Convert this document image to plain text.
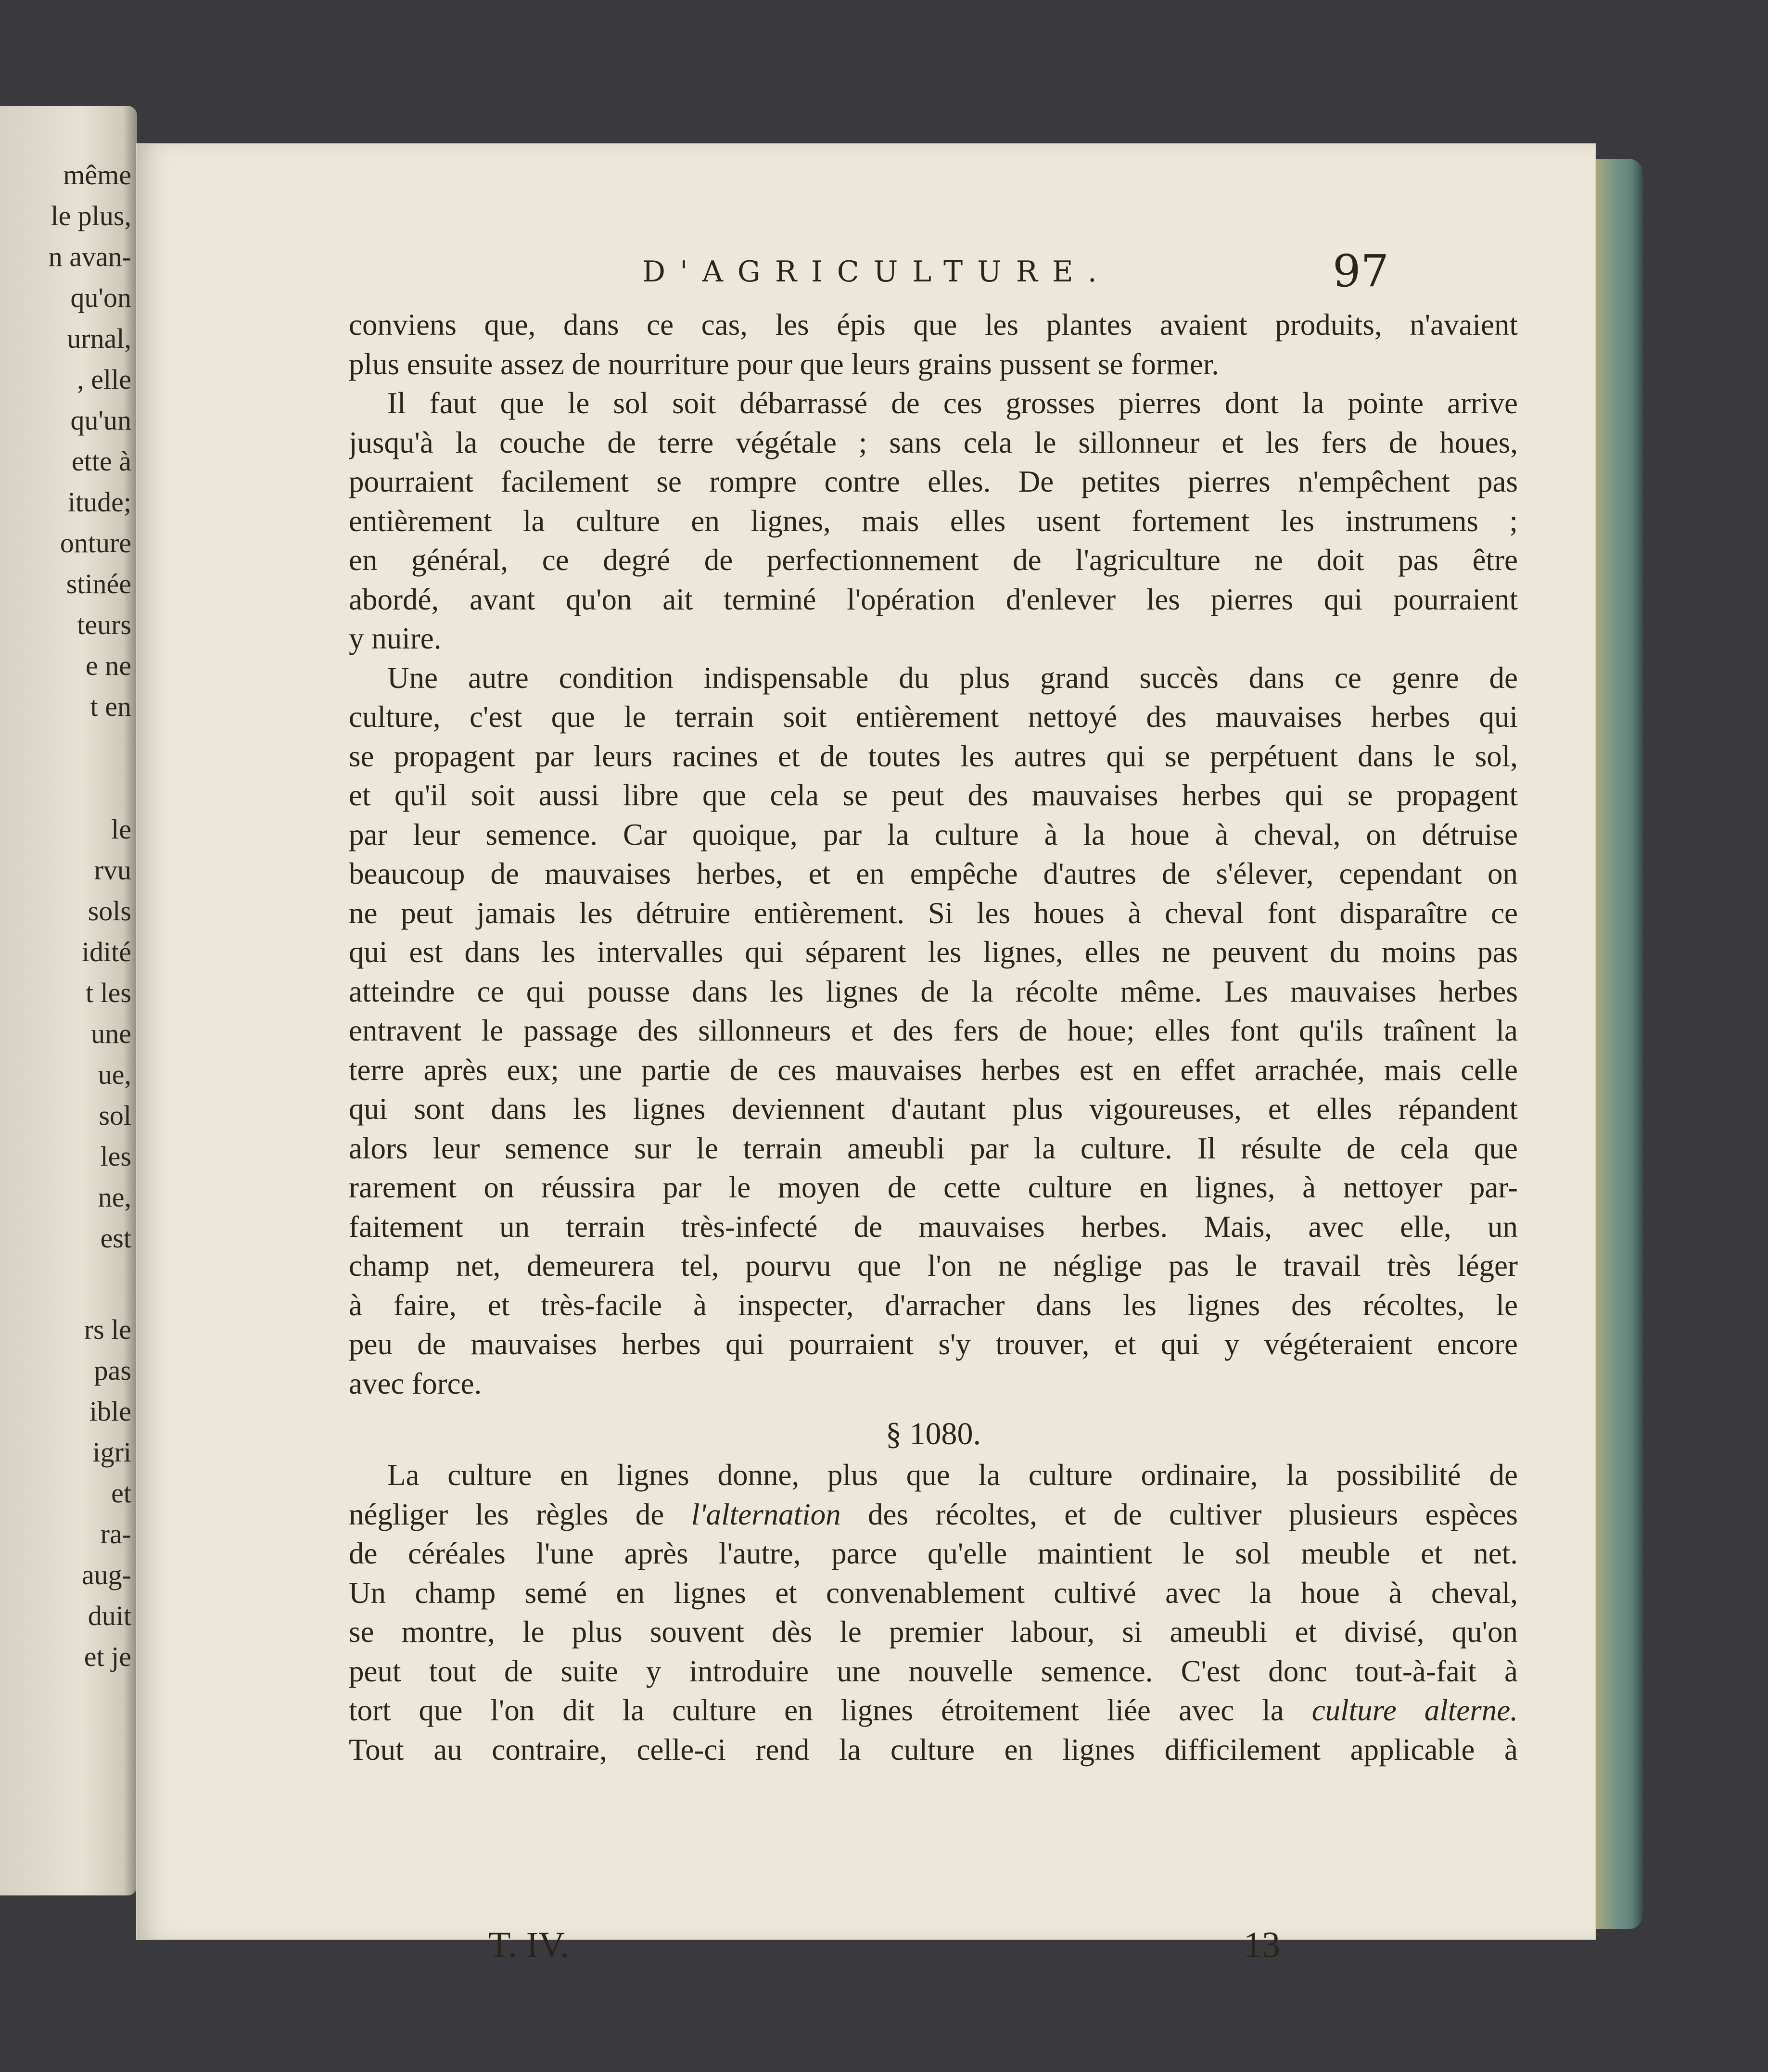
même
le plus,
n avan-
qu'on
urnal,
, elle
qu'un
ette à
itude;
onture
stinée
teurs
e ne
t en
le
rvu
sols
idité
t les
une
ue,
sol
les
ne,
est
rs le
pas
ible
igri
et
ra-
aug-
duit
et je
D'AGRICULTURE.	97
conviens que, dans ce cas, les épis que les plantes avaient produits, n'avaient
plus ensuite assez de nourriture pour que leurs grains pussent se former.
Il faut que le sol soit débarrassé de ces grosses pierres dont la pointe arrive
jusqu'à la couche de terre végétale ; sans cela le sillonneur et les fers de houes,
pourraient facilement se rompre contre elles. De petites pierres n'empêchent pas
entièrement la culture en lignes, mais elles usent fortement les instrumens ;
en général, ce degré de perfectionnement de l'agriculture ne doit pas être
abordé, avant qu'on ait terminé l'opération d'enlever les pierres qui pourraient
y nuire.
Une autre condition indispensable du plus grand succès dans ce genre de
culture, c'est que le terrain soit entièrement nettoyé des mauvaises herbes qui
se propagent par leurs racines et de toutes les autres qui se perpétuent dans le sol,
et qu'il soit aussi libre que cela se peut des mauvaises herbes qui se propagent
par leur semence. Car quoique, par la culture à la houe à cheval, on détruise
beaucoup de mauvaises herbes, et en empêche d'autres de s'élever, cependant on
ne peut jamais les détruire entièrement. Si les houes à cheval font disparaître ce
qui est dans les intervalles qui séparent les lignes, elles ne peuvent du moins pas
atteindre ce qui pousse dans les lignes de la récolte même. Les mauvaises herbes
entravent le passage des sillonneurs et des fers de houe; elles font qu'ils traînent la
terre après eux; une partie de ces mauvaises herbes est en effet arrachée, mais celle
qui sont dans les lignes deviennent d'autant plus vigoureuses, et elles répandent
alors leur semence sur le terrain ameubli par la culture. Il résulte de cela que
rarement on réussira par le moyen de cette culture en lignes, à nettoyer par-
faitement un terrain très-infecté de mauvaises herbes. Mais, avec elle, un
champ net, demeurera tel, pourvu que l'on ne néglige pas le travail très léger
à faire, et très-facile à inspecter, d'arracher dans les lignes des récoltes, le
peu de mauvaises herbes qui pourraient s'y trouver, et qui y végéteraient encore
avec force.
§ 1080.
La culture en lignes donne, plus que la culture ordinaire, la possibilité de
négliger les règles de l'alternation des récoltes, et de cultiver plusieurs espèces
de céréales l'une après l'autre, parce qu'elle maintient le sol meuble et net.
Un champ semé en lignes et convenablement cultivé avec la houe à cheval,
se montre, le plus souvent dès le premier labour, si ameubli et divisé, qu'on
peut tout de suite y introduire une nouvelle semence. C'est donc tout-à-fait à
tort que l'on dit la culture en lignes étroitement liée avec la culture alterne.
Tout au contraire, celle-ci rend la culture en lignes difficilement applicable à
T. IV.	13
